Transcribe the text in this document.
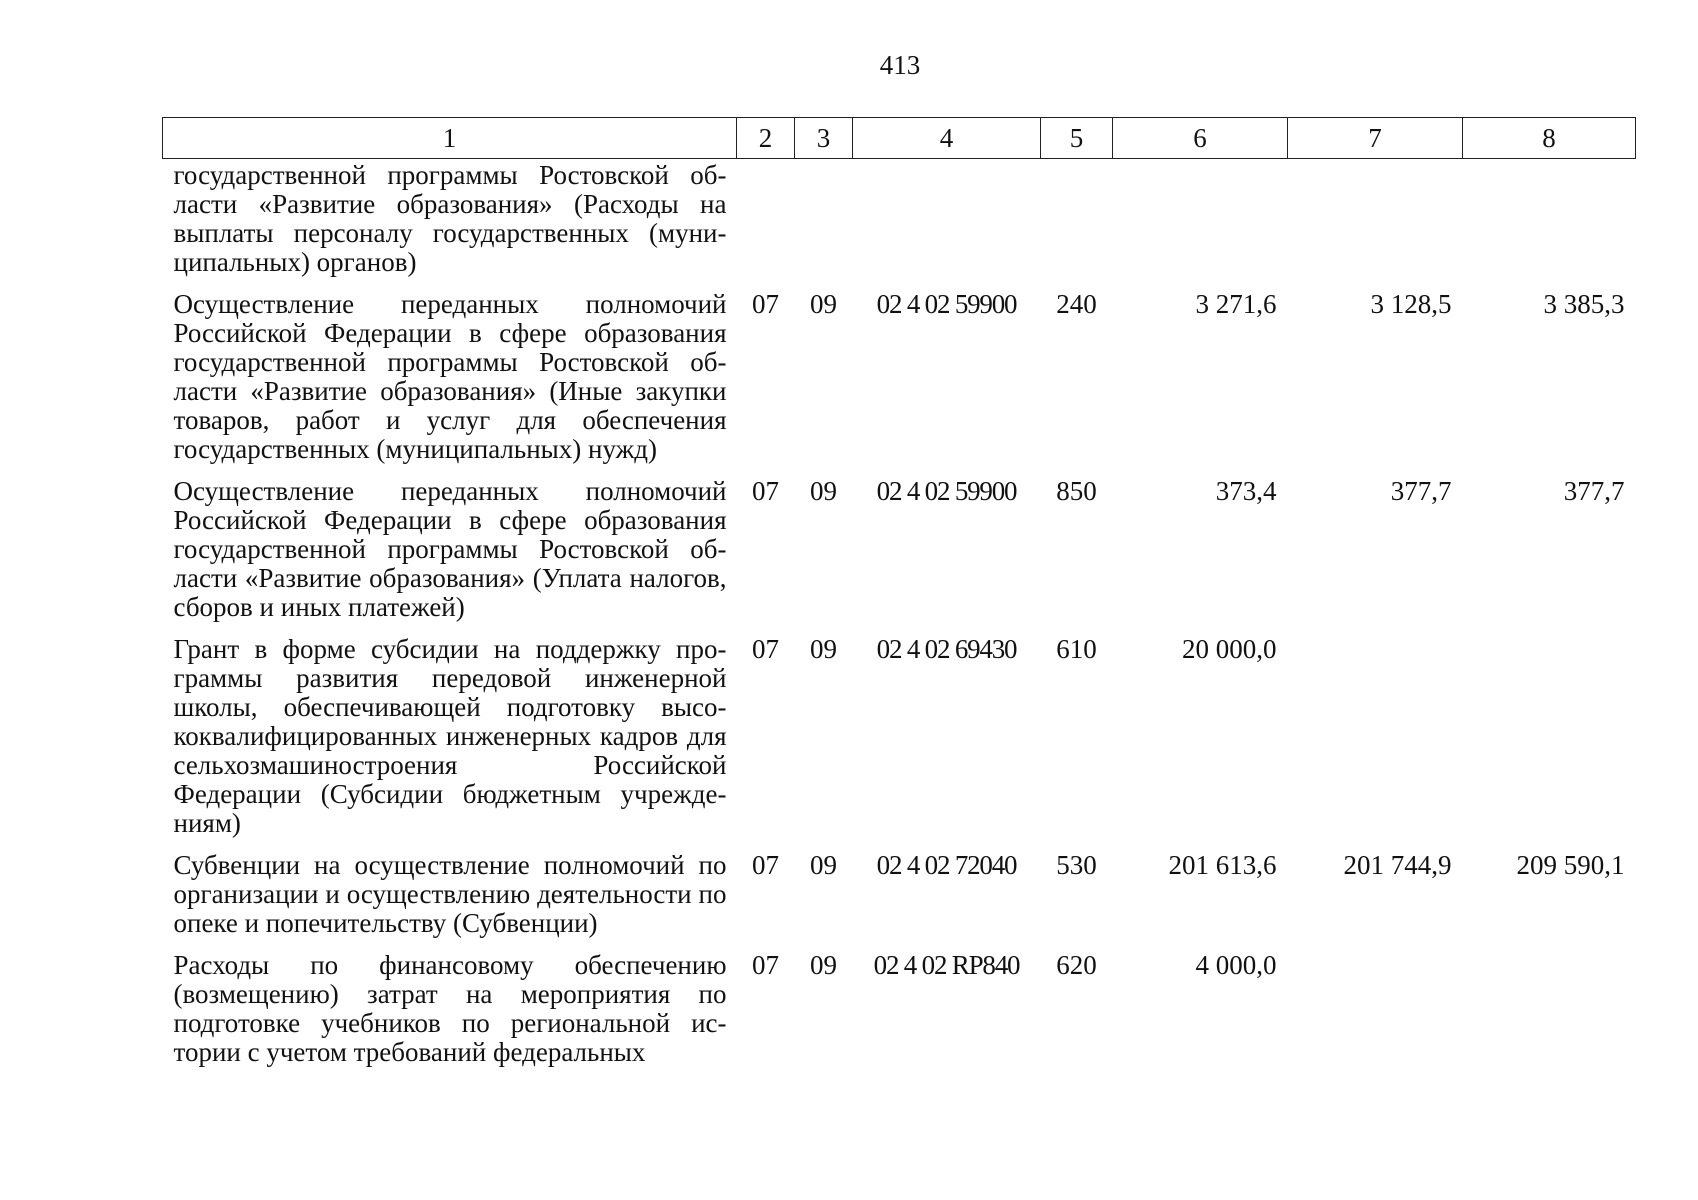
413
1	2	3	4	5	6	7	8
государственной программы Ростовской области «Развитие образования» (Расходы на выплаты персоналу государственных (муниципальных) органов)							
Осуществление переданных полномочий Российской Федерации в сфере образования государственной программы Ростовской области «Развитие образования» (Иные закупки товаров, работ и услуг для обеспечения государственных (муниципальных) нужд)	07	09	02 4 02 59900	240	3 271,6	3 128,5	3 385,3
Осуществление переданных полномочий Российской Федерации в сфере образования государственной программы Ростовской области «Развитие образования» (Уплата налогов, сборов и иных платежей)	07	09	02 4 02 59900	850	373,4	377,7	377,7
Грант в форме субсидии на поддержку программы развития передовой инженерной школы, обеспечивающей подготовку высококвалифицированных инженерных кадров для сельхозмашиностроения Российской Федерации (Субсидии бюджетным учреждениям)	07	09	02 4 02 69430	610	20 000,0		
Субвенции на осуществление полномочий по организации и осуществлению деятельности по опеке и попечительству (Субвенции)	07	09	02 4 02 72040	530	201 613,6	201 744,9	209 590,1
Расходы по финансовому обеспечению (возмещению) затрат на мероприятия по подготовке учебников по региональной истории с учетом требований федеральных	07	09	02 4 02 RP840	620	4 000,0		
